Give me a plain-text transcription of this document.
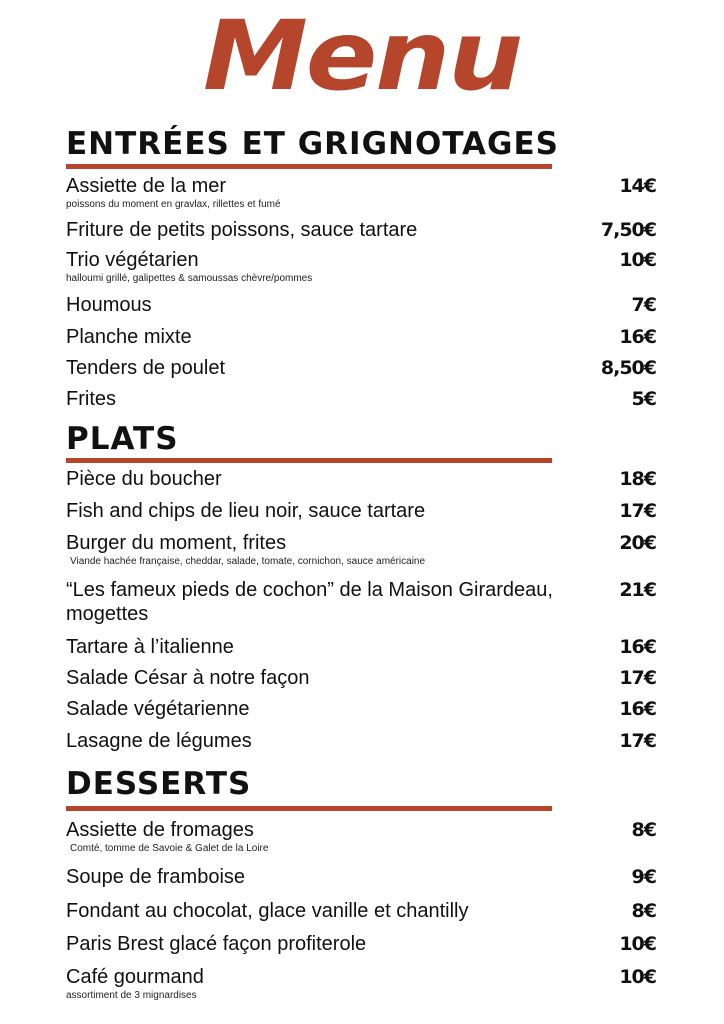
Menu
ENTRÉES ET GRIGNOTAGES
Assiette de la mer
poissons du moment en gravlax, rillettes et fumé
14€
Friture de petits poissons, sauce tartare	7,50€
Trio végétarien
halloumi grillé, galipettes & samoussas chèvre/pommes
10€
Houmous	7€
Planche mixte	16€
Tenders de poulet	8,50€
Frites	5€
PLATS
Pièce du boucher	18€
Fish and chips de lieu noir, sauce tartare	17€
Burger du moment, frites
Viande hachée française, cheddar, salade, tomate, cornichon, sauce américaine
20€
“Les fameux pieds de cochon” de la Maison Girardeau, mogettes
21€
Tartare à l’italienne	16€
Salade César à notre façon	17€
Salade végétarienne	16€
Lasagne de légumes	17€
DESSERTS
Assiette de fromages
Comté, tomme de Savoie & Galet de la Loire
8€
Soupe de framboise	9€
Fondant au chocolat, glace vanille et chantilly	8€
Paris Brest glacé façon profiterole	10€
Café gourmand
assortiment de 3 mignardises
10€
